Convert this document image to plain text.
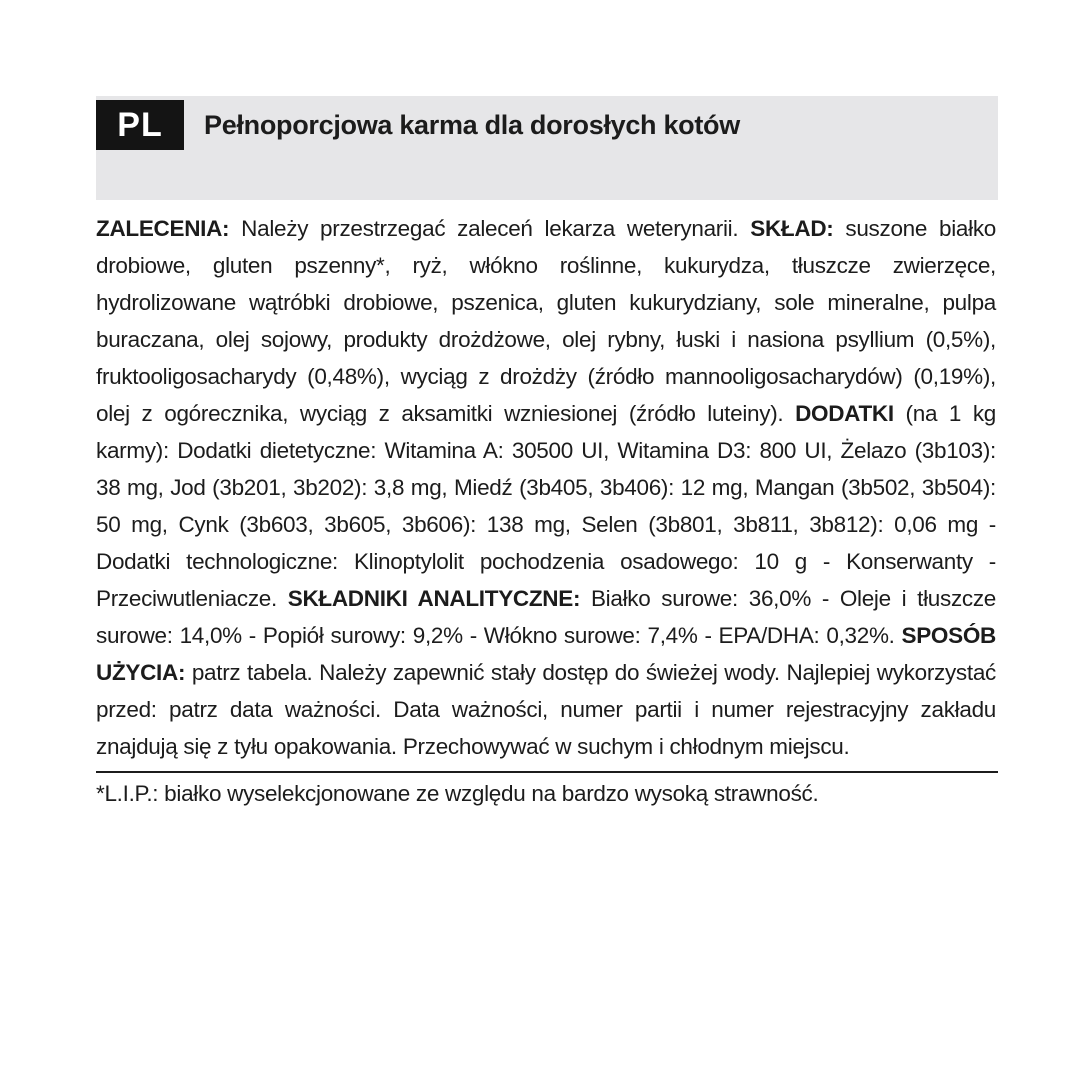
PL	Pełnoporcjowa karma dla dorosłych kotów
ZALECENIA: Należy przestrzegać zaleceń lekarza weterynarii. SKŁAD: suszone białko drobiowe, gluten pszenny*, ryż, włókno roślinne, kukurydza, tłuszcze zwierzęce, hydrolizowane wątróbki drobiowe, pszenica, gluten kukurydziany, sole mineralne, pulpa buraczana, olej sojowy, produkty drożdżowe, olej rybny, łuski i nasiona psyllium (0,5%), fruktooligosacharydy (0,48%), wyciąg z drożdży (źródło mannooligosacharydów) (0,19%), olej z ogórecznika, wyciąg z aksamitki wzniesionej (źródło luteiny). DODATKI (na 1 kg karmy): Dodatki dietetyczne: Witamina A: 30500 UI, Witamina D3: 800 UI, Żelazo (3b103): 38 mg, Jod (3b201, 3b202): 3,8 mg, Miedź (3b405, 3b406): 12 mg, Mangan (3b502, 3b504): 50 mg, Cynk (3b603, 3b605, 3b606): 138 mg, Selen (3b801, 3b811, 3b812): 0,06 mg - Dodatki technologiczne: Klinoptylolit pochodzenia osadowego: 10 g - Konserwanty - Przeciwutleniacze. SKŁADNIKI ANALITYCZNE: Białko surowe: 36,0% - Oleje i tłuszcze surowe: 14,0% - Popiół surowy: 9,2% - Włókno surowe: 7,4% - EPA/DHA: 0,32%. SPOSÓB UŻYCIA: patrz tabela. Należy zapewnić stały dostęp do świeżej wody. Najlepiej wykorzystać przed: patrz data ważności. Data ważności, numer partii i numer rejestracyjny zakładu znajdują się z tyłu opakowania. Przechowywać w suchym i chłodnym miejscu.
*L.I.P.: białko wyselekcjonowane ze względu na bardzo wysoką strawność.
